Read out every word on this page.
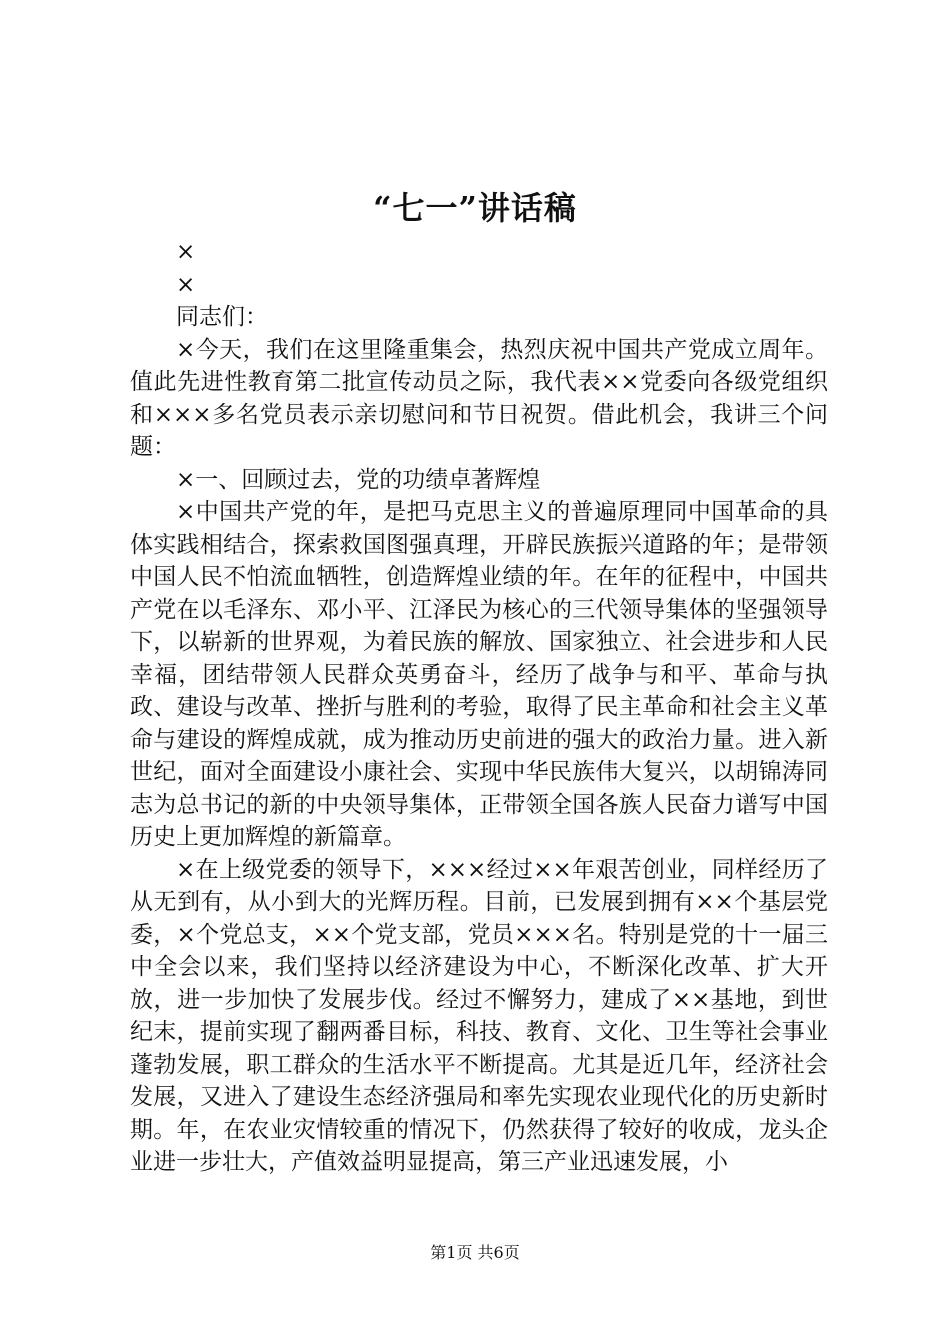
“七一”讲话稿

×

×

同志们：

×今天，我们在这里隆重集会，热烈庆祝中国共产党成立周年。值此先进性教育第二批宣传动员之际，我代表××党委向各级党组织和×××多名党员表示亲切慰问和节日祝贺。借此机会，我讲三个问题：

×一、回顾过去，党的功绩卓著辉煌

×中国共产党的年，是把马克思主义的普遍原理同中国革命的具体实践相结合，探索救国图强真理，开辟民族振兴道路的年；是带领中国人民不怕流血牺牲，创造辉煌业绩的年。在年的征程中，中国共产党在以毛泽东、邓小平、江泽民为核心的三代领导集体的坚强领导下，以崭新的世界观，为着民族的解放、国家独立、社会进步和人民幸福，团结带领人民群众英勇奋斗，经历了战争与和平、革命与执政、建设与改革、挫折与胜利的考验，取得了民主革命和社会主义革命与建设的辉煌成就，成为推动历史前进的强大的政治力量。进入新世纪，面对全面建设小康社会、实现中华民族伟大复兴，以胡锦涛同志为总书记的新的中央领导集体，正带领全国各族人民奋力谱写中国历史上更加辉煌的新篇章。

×在上级党委的领导下，×××经过××年艰苦创业，同样经历了从无到有，从小到大的光辉历程。目前，已发展到拥有××个基层党委，×个党总支，××个党支部，党员×××名。特别是党的十一届三中全会以来，我们坚持以经济建设为中心，不断深化改革、扩大开放，进一步加快了发展步伐。经过不懈努力，建成了××基地，到世纪末，提前实现了翻两番目标，科技、教育、文化、卫生等社会事业蓬勃发展，职工群众的生活水平不断提高。尤其是近几年，经济社会发展，又进入了建设生态经济强局和率先实现农业现代化的历史新时期。年，在农业灾情较重的情况下，仍然获得了较好的收成，龙头企业进一步壮大，产值效益明显提高，第三产业迅速发展，小

第1页 共6页
